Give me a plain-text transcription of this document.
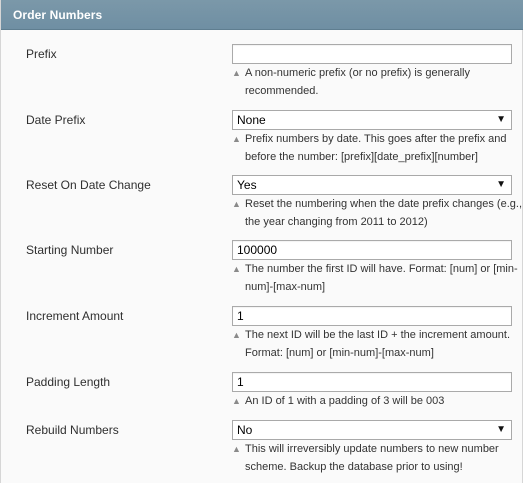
Order Numbers
Prefix
▲ A non-numeric prefix (or no prefix) is generally
recommended.
Date Prefix	None	▼
▲ Prefix numbers by date. This goes after the prefix and
before the number: [prefix][date_prefix][number]
Reset On Date Change	Yes	▼
▲ Reset the numbering when the date prefix changes (e.g.,
the year changing from 2011 to 2012)
Starting Number	100000
▲ The number the first ID will have. Format: [num] or [min-
num]-[max-num]
Increment Amount	1
▲ The next ID will be the last ID + the increment amount.
Format: [num] or [min-num]-[max-num]
Padding Length	1
▲ An ID of 1 with a padding of 3 will be 003
Rebuild Numbers	No	▼
▲ This will irreversibly update numbers to new number
scheme. Backup the database prior to using!
